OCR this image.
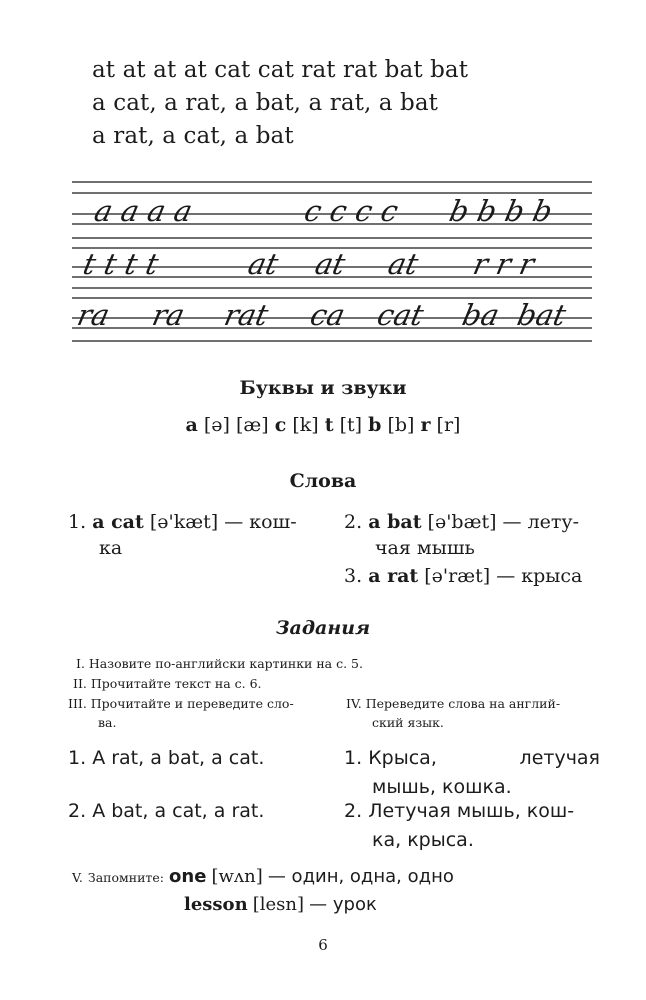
at at at at cat cat rat rat bat bat
a cat, a rat, a bat, a rat, a bat
a rat, a cat, a bat
a a a a	c c c c b b b b
t t t t	at at at r r r
ra ra rat ca cat ba bat
Буквы и звуки
a [ə] [æ] c [k] t [t] b [b] r [r]
Слова
1. a cat [ə'kæt] — кош-
ка
2. a bat [ə'bæt] — лету-
чая мышь
3. a rat [ə'ræt] — крыса
Задания
I. Назовите по-английски картинки на с. 5.
II. Прочитайте текст на с. 6.
III. Прочитайте и переведите сло-
ва.
IV. Переведите слова на англий-
ский язык.
1. A rat, a bat, a cat.
2. A bat, a cat, a rat.
1. Крыса,	летучая
мышь, кошка.
2. Летучая мышь, кош-
ка, крыса.
V. Запомните: one [wʌn] — один, одна, одно
lesson [lesn] — урок
6
